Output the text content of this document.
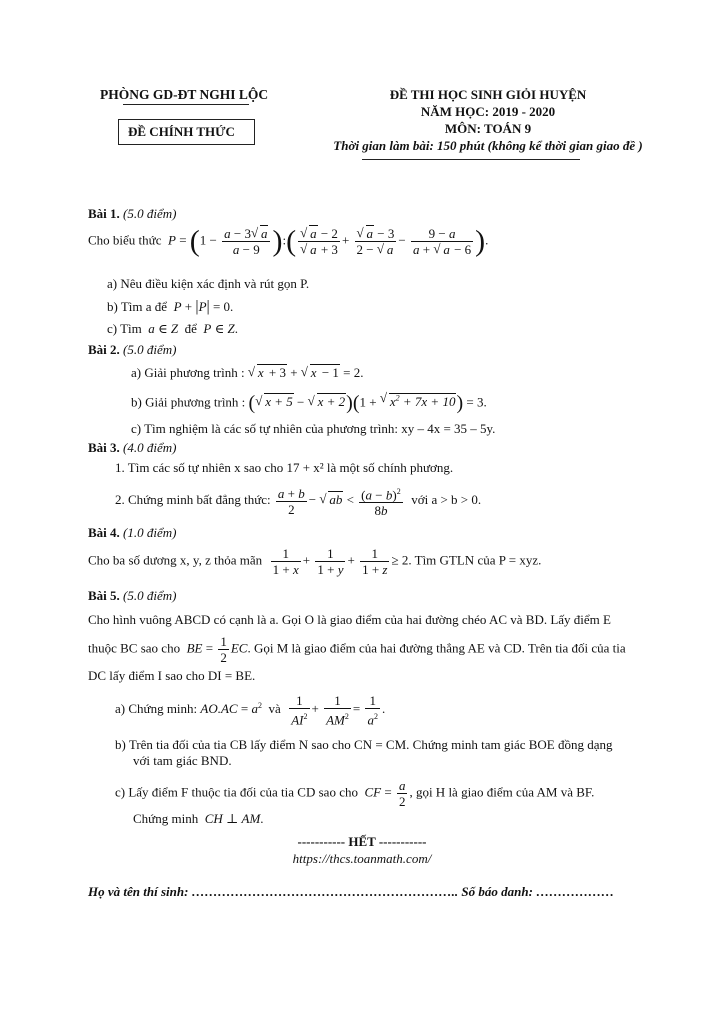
PHÒNG GD-ĐT NGHI LỘC
ĐỀ CHÍNH THỨC
ĐỀ THI HỌC SINH GIỎI HUYỆN
NĂM HỌC: 2019 - 2020
MÔN: TOÁN 9
Thời gian làm bài: 150 phút (không kể thời gian giao đề )
Bài 1. (5.0 điểm)
Cho biểu thức $P = (1 - \frac{a - 3 √ a}{a - 9}$ ):( √ a − 2
√ a + 3 + √ $\frac{a - 3}{2 - √ a} - \frac{9 - a}{a + √ a - 6}$ ).
a) Nêu điều kiện xác định và rút gọn P.
b) Tìm a để P + |P| = 0.
c) Tìm a ∈ Z để P ∈ Z.
Bài 2. (5.0 điểm)
a) Giải phương trình : √ x + 3 + √ x − 1 = 2.
b) Giải phương trình : ( √ x + 5 − √ x + 2)(1 + √ $x^2 + 7x + 10) = 3$.
c) Tìm nghiệm là các số tự nhiên của phương trình: xy – 4x = 35 – 5y.
Bài 3. (4.0 điểm)
1. Tìm các số tự nhiên x sao cho 17 + x² là một số chính phương.
2. Chứng minh bất đẳng thức: $\frac{a + b}{2}$ − √ ab < $\frac{(a - b)^2}{8b}$ với a > b > 0.
Bài 4. (1.0 điểm)
Cho ba số dương x, y, z thỏa mãn $\frac{1}{1 + x} + \frac{1}{1 + y} + \frac{1}{1 + z} \ge 2$. Tìm GTLN của P = xyz.
Bài 5. (5.0 điểm)
Cho hình vuông ABCD có cạnh là a. Gọi O là giao điểm của hai đường chéo AC và BD. Lấy điểm E
thuộc BC sao cho BE = $\frac{1}{2}$ EC. Gọi M là giao điểm của hai đường thẳng AE và CD. Trên tia đối của tia
DC lấy điểm I sao cho DI = BE.
a) Chứng minh: $AO.AC = a^2$ và $\frac{1}{AI^2} + \frac{1}{AM^2} = \frac{1}{a^2}$ .
b) Trên tia đối của tia CB lấy điểm N sao cho CN = CM. Chứng minh tam giác BOE đồng dạng
với tam giác BND.
c) Lấy điểm F thuộc tia đối của tia CD sao cho CF = $\frac{a}{2}$ , gọi H là giao điểm của AM và BF.
Chứng minh CH ⊥ AM.
----------- HẾT -----------
https://thcs.toanmath.com/
Họ và tên thí sinh: …………………………………………………….. Số báo danh: ………………
